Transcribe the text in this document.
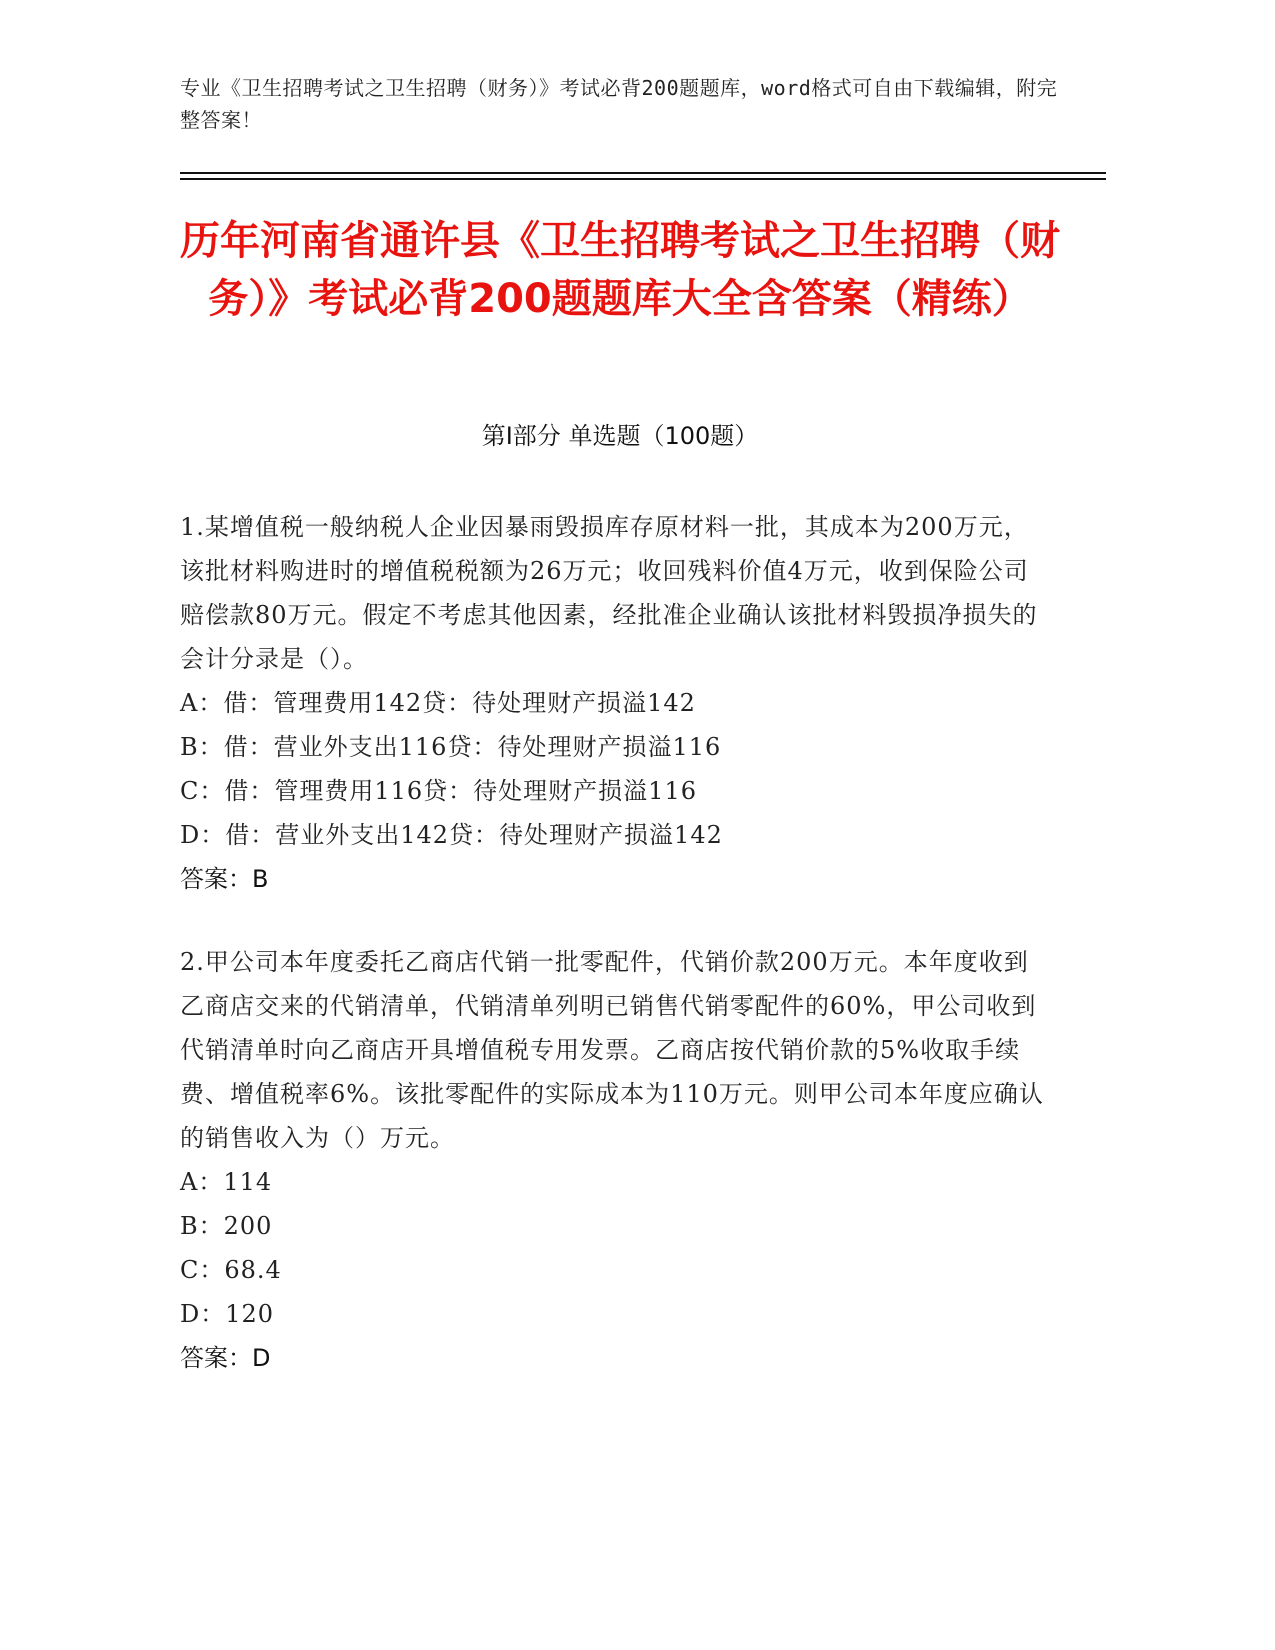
专业《卫生招聘考试之卫生招聘（财务）》考试必背200题题库，word格式可自由下载编辑，附完整答案！
历年河南省通许县《卫生招聘考试之卫生招聘（财务）》考试必背200题题库大全含答案（精练）
第I部分 单选题（100题）
1.某增值税一般纳税人企业因暴雨毁损库存原材料一批，其成本为200万元，该批材料购进时的增值税税额为26万元；收回残料价值4万元，收到保险公司赔偿款80万元。假定不考虑其他因素，经批准企业确认该批材料毁损净损失的会计分录是（）。
A：借：管理费用142贷：待处理财产损溢142
B：借：营业外支出116贷：待处理财产损溢116
C：借：管理费用116贷：待处理财产损溢116
D：借：营业外支出142贷：待处理财产损溢142
答案：B
2.甲公司本年度委托乙商店代销一批零配件，代销价款200万元。本年度收到乙商店交来的代销清单，代销清单列明已销售代销零配件的60%，甲公司收到代销清单时向乙商店开具增值税专用发票。乙商店按代销价款的5%收取手续费、增值税率6%。该批零配件的实际成本为110万元。则甲公司本年度应确认的销售收入为（）万元。
A：114
B：200
C：68.4
D：120
答案：D
